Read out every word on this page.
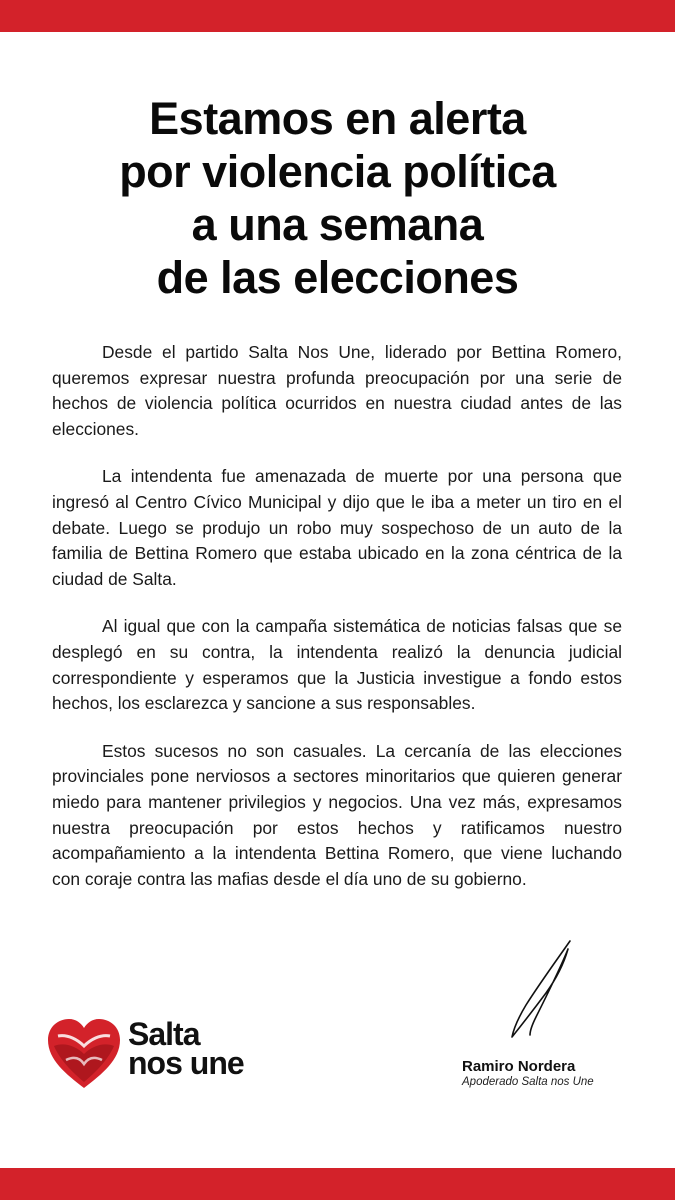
Estamos en alerta
por violencia política
a una semana
de las elecciones

Desde el partido Salta Nos Une, liderado por Bettina Romero, queremos expresar nuestra profunda preocupación por una serie de hechos de violencia política ocurridos en nuestra ciudad antes de las elecciones.

La intendenta fue amenazada de muerte por una persona que ingresó al Centro Cívico Municipal y dijo que le iba a meter un tiro en el debate. Luego se produjo un robo muy sospechoso de un auto de la familia de Bettina Romero que estaba ubicado en la zona céntrica de la ciudad de Salta.

Al igual que con la campaña sistemática de noticias falsas que se desplegó en su contra, la intendenta realizó la denuncia judicial correspondiente y esperamos que la Justicia investigue a fondo estos hechos, los esclarezca y sancione a sus responsables.

Estos sucesos no son casuales. La cercanía de las elecciones provinciales pone nerviosos a sectores minoritarios que quieren generar miedo para mantener privilegios y negocios. Una vez más, expresamos nuestra preocupación por estos hechos y ratificamos nuestro acompañamiento a la intendenta Bettina Romero, que viene luchando con coraje contra las mafias desde el día uno de su gobierno.

Salta
nos une	Ramiro Nordera
Apoderado Salta nos Une
